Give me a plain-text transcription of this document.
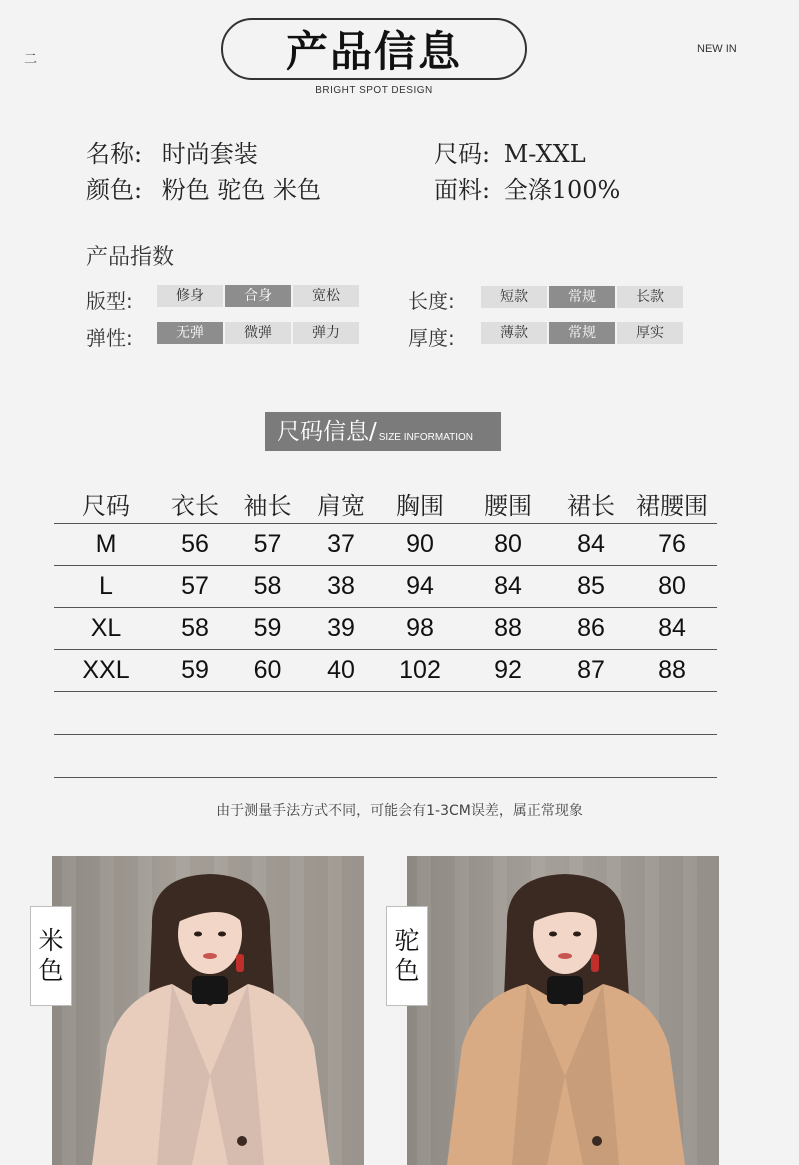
二	产品信息
BRIGHT SPOT DESIGN
NEW IN
名称: 时尚套装	尺码: M-XXL
颜色: 粉色 驼色 米色	面料: 全涤100%
产品指数
版型:	修身	合身	宽松	长度:	短款	常规	长款
弹性:	无弹	微弹	弹力	厚度:	薄款	常规	厚实
尺码信息/ SIZE INFORMATION
尺码	衣长	袖长	肩宽	胸围	腰围	裙长 裙腰围
M	56	57	37	90	80	84	76
L	57	58	38	94	84	85	80
XL	58	59	39	98	88	86	84
XXL	59	60	40	102	92	87	88
由于测量手法方式不同，可能会有1-3CM误差，属正常现象
米
色
驼
色
